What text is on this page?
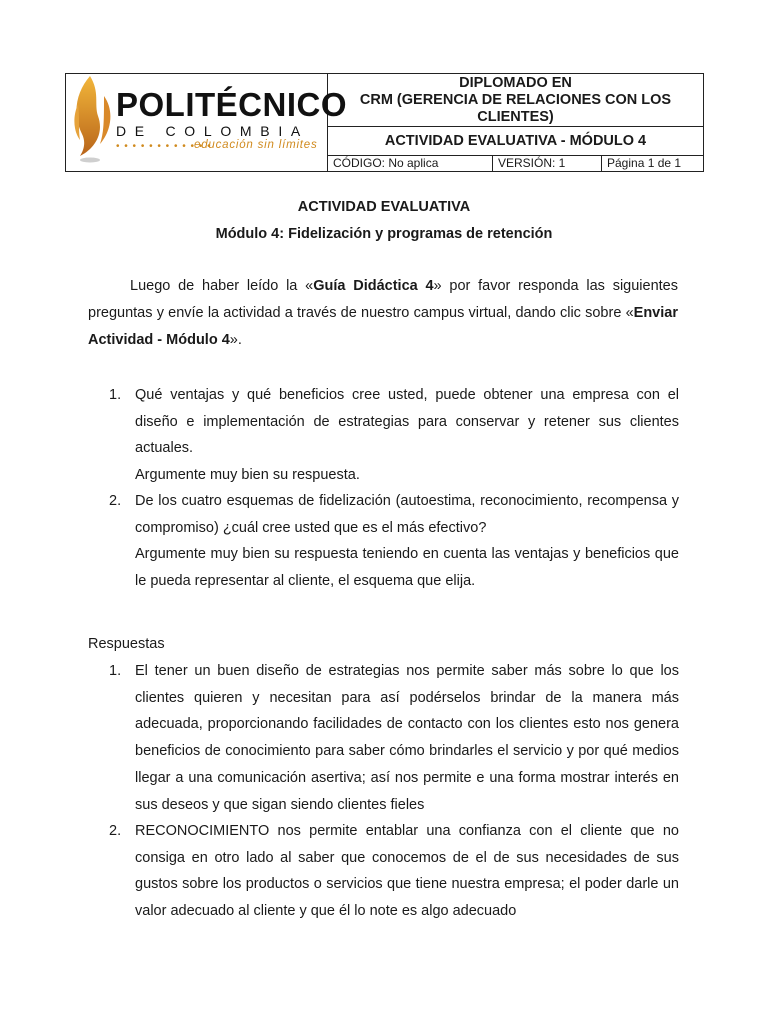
POLITÉCNICO
DE COLOMBIA
• • • • • • • • • • • •
educación sin límites
DIPLOMADO EN
CRM (GERENCIA DE RELACIONES CON LOS
CLIENTES)
ACTIVIDAD EVALUATIVA - MÓDULO 4
CÓDIGO: No aplica	VERSIÓN: 1	Página 1 de 1
ACTIVIDAD EVALUATIVA
Módulo 4: Fidelización y programas de retención
Luego de haber leído la «Guía Didáctica 4» por favor responda las siguientes preguntas y envíe la actividad a través de nuestro campus virtual, dando clic sobre «Enviar Actividad - Módulo 4».
1. Qué ventajas y qué beneficios cree usted, puede obtener una empresa con el diseño e implementación de estrategias para conservar y retener sus clientes actuales.

Argumente muy bien su respuesta.

2. De los cuatro esquemas de fidelización (autoestima, reconocimiento, recompensa y compromiso) ¿cuál cree usted que es el más efectivo?

Argumente muy bien su respuesta teniendo en cuenta las ventajas y beneficios que le pueda representar al cliente, el esquema que elija.

Respuestas
1. El tener un buen diseño de estrategias nos permite saber más sobre lo que los clientes quieren y necesitan para así podérselos brindar de la manera más adecuada, proporcionando facilidades de contacto con los clientes esto nos genera beneficios de conocimiento para saber cómo brindarles el servicio y por qué medios llegar a una comunicación asertiva; así nos permite e una forma mostrar interés en sus deseos y que sigan siendo clientes fieles

2. RECONOCIMIENTO nos permite entablar una confianza con el cliente que no consiga en otro lado al saber que conocemos de el de sus necesidades de sus gustos sobre los productos o servicios que tiene nuestra empresa; el poder darle un valor adecuado al cliente y que él lo note es algo adecuado
